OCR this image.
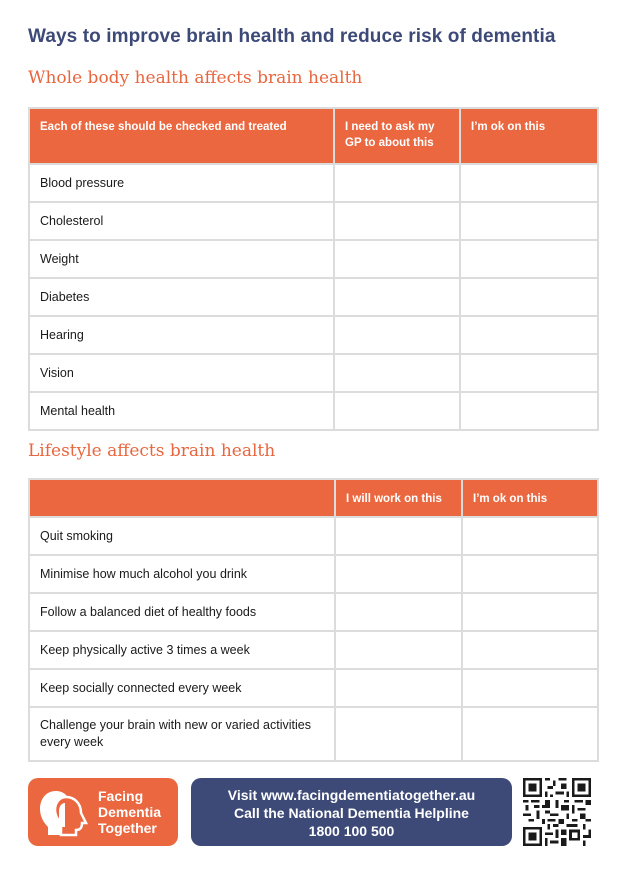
Ways to improve brain health and reduce risk of dementia
Whole body health affects brain health
Each of these should be checked and treated	I need to ask my GP to about this	I’m ok on this
Blood pressure		
Cholesterol		
Weight		
Diabetes		
Hearing		
Vision		
Mental health		
Lifestyle affects brain health
	I will work on this	I’m ok on this
Quit smoking		
Minimise how much alcohol you drink		
Follow a balanced diet of healthy foods		
Keep physically active 3 times a week		
Keep socially connected every week		
Challenge your brain with new or varied activities every week		
Facing
Dementia
Together
Visit www.facingdementiatogether.au
Call the National Dementia Helpline
1800 100 500
